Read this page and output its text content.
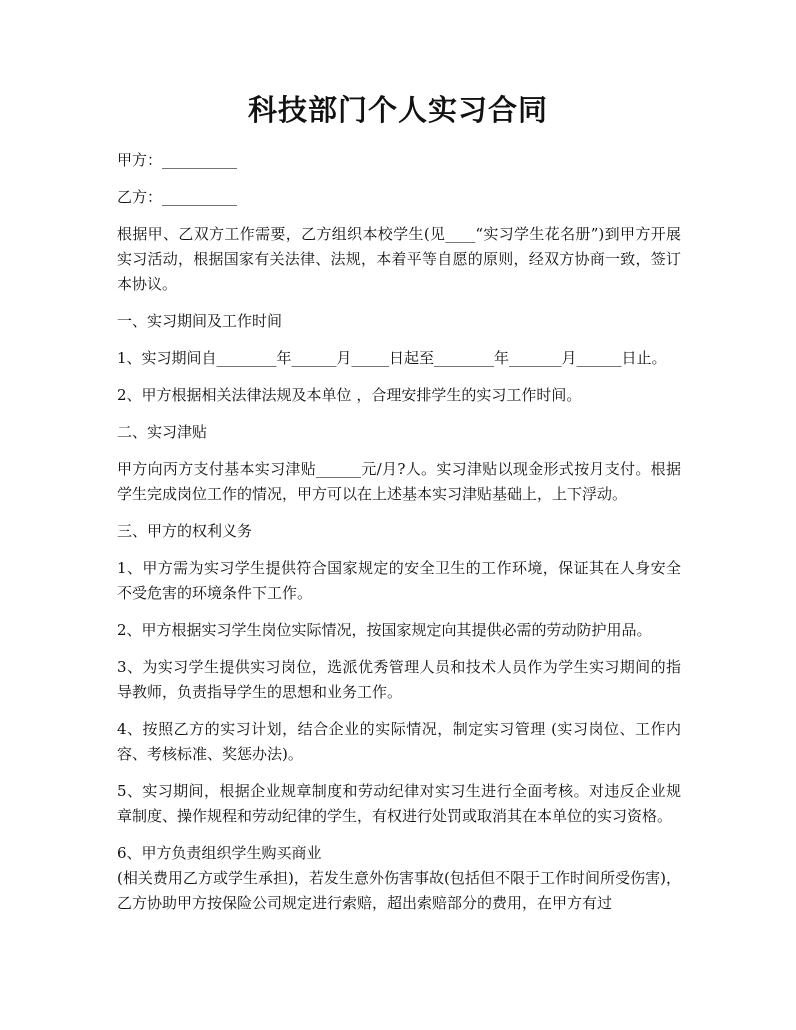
科技部门个人实习合同

甲方：__________

乙方：__________

根据甲、乙双方工作需要，乙方组织本校学生(见____“实习学生花名册”)到甲方开展实习活动，根据国家有关法律、法规，本着平等自愿的原则，经双方协商一致，签订本协议。

一、实习期间及工作时间

1、实习期间自________年______月_____日起至________年_______月______日止。

2、甲方根据相关法律法规及本单位 ，合理安排学生的实习工作时间。

二、实习津贴

甲方向丙方支付基本实习津贴______元/月?人。实习津贴以现金形式按月支付。根据学生完成岗位工作的情况，甲方可以在上述基本实习津贴基础上，上下浮动。

三、甲方的权利义务

1、甲方需为实习学生提供符合国家规定的安全卫生的工作环境，保证其在人身安全不受危害的环境条件下工作。

2、甲方根据实习学生岗位实际情况，按国家规定向其提供必需的劳动防护用品。

3、为实习学生提供实习岗位，选派优秀管理人员和技术人员作为学生实习期间的指导教师，负责指导学生的思想和业务工作。

4、按照乙方的实习计划，结合企业的实际情况，制定实习管理 (实习岗位、工作内容、考核标准、奖惩办法)。

5、实习期间，根据企业规章制度和劳动纪律对实习生进行全面考核。对违反企业规章制度、操作规程和劳动纪律的学生，有权进行处罚或取消其在本单位的实习资格。

6、甲方负责组织学生购买商业

(相关费用乙方或学生承担)，若发生意外伤害事故(包括但不限于工作时间所受伤害)，乙方协助甲方按保险公司规定进行索赔，超出索赔部分的费用，在甲方有过
